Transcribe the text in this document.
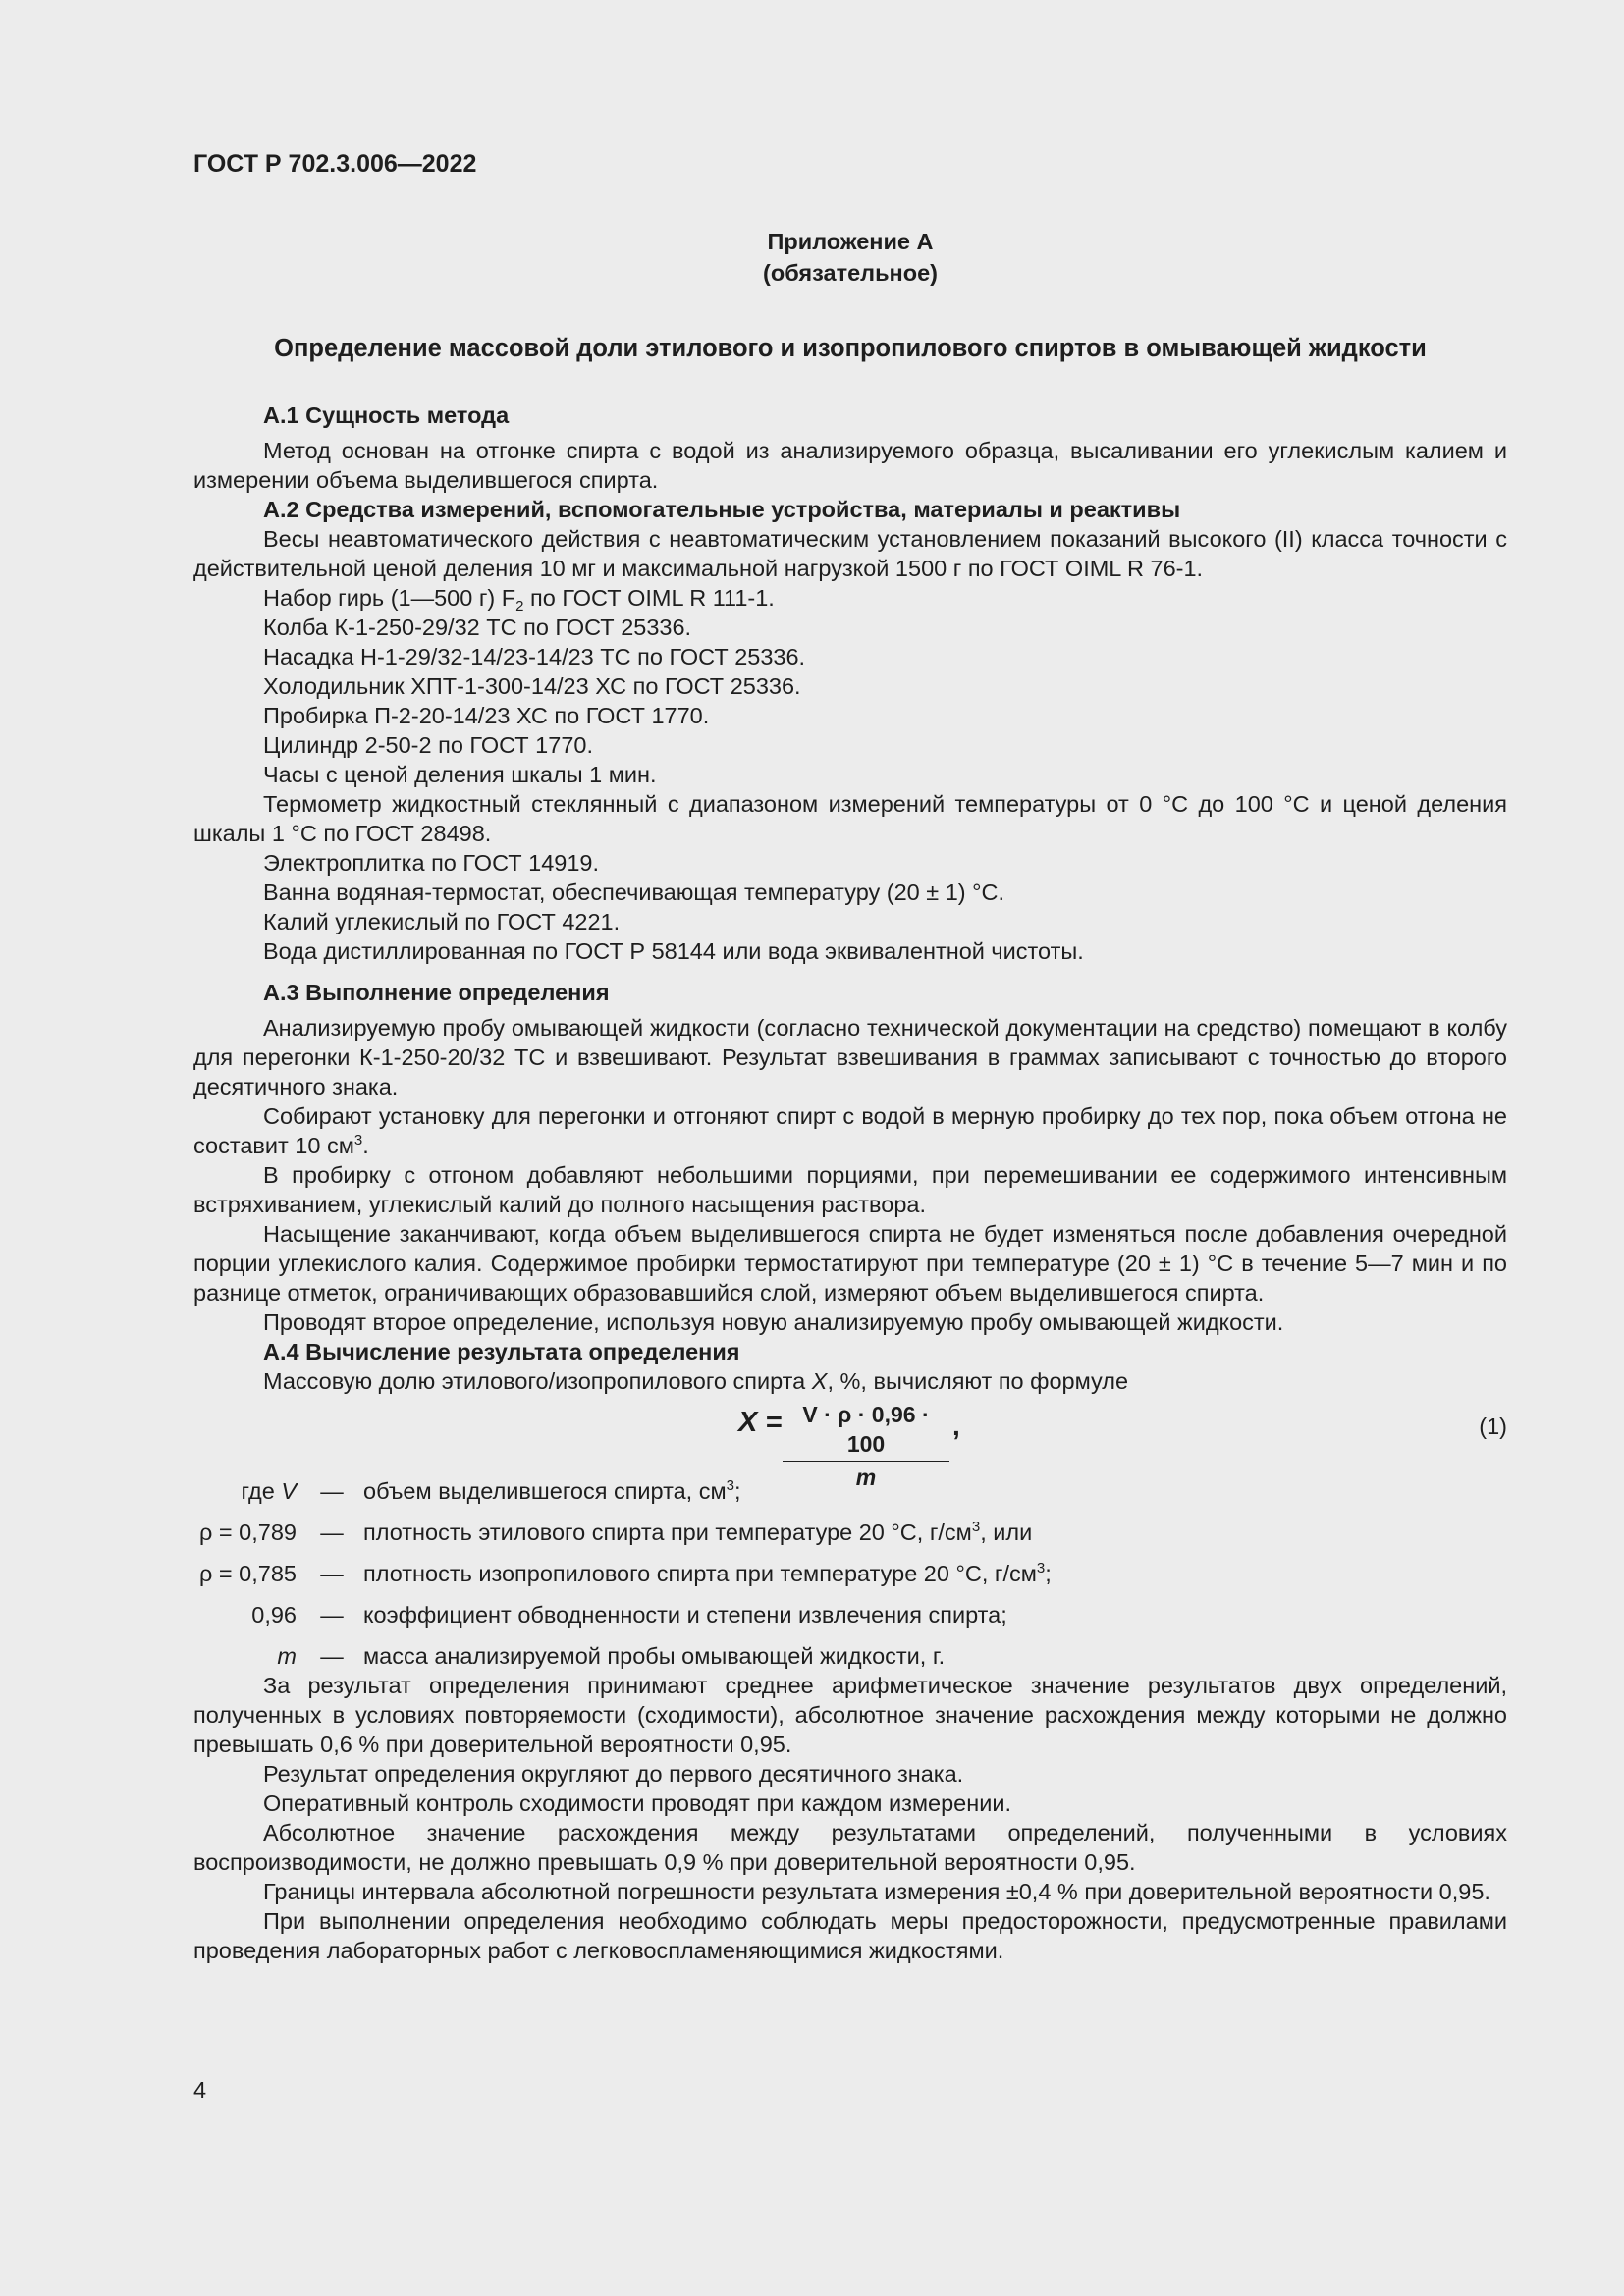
ГОСТ Р 702.3.006—2022
Приложение А
(обязательное)
Определение массовой доли этилового и изопропилового спиртов в омывающей жидкости
А.1 Сущность метода

Метод основан на отгонке спирта с водой из анализируемого образца, высаливании его углекислым калием и измерении объема выделившегося спирта.

А.2 Средства измерений, вспомогательные устройства, материалы и реактивы

Весы неавтоматического действия с неавтоматическим установлением показаний высокого (II) класса точности с действительной ценой деления 10 мг и максимальной нагрузкой 1500 г по ГОСТ OIML R 76-1.

Набор гирь (1—500 г) $F_2$ по ГОСТ OIML R 111-1.

Колба К-1-250-29/32 ТС по ГОСТ 25336.

Насадка Н-1-29/32-14/23-14/23 ТС по ГОСТ 25336.

Холодильник ХПТ-1-300-14/23 ХС по ГОСТ 25336.

Пробирка П-2-20-14/23 ХС по ГОСТ 1770.

Цилиндр 2-50-2 по ГОСТ 1770.

Часы с ценой деления шкалы 1 мин.

Термометр жидкостный стеклянный с диапазоном измерений температуры от 0 °С до 100 °С и ценой деления шкалы 1 °С по ГОСТ 28498.

Электроплитка по ГОСТ 14919.

Ванна водяная-термостат, обеспечивающая температуру (20 ± 1) °С.

Калий углекислый по ГОСТ 4221.

Вода дистиллированная по ГОСТ Р 58144 или вода эквивалентной чистоты.

А.3 Выполнение определения

Анализируемую пробу омывающей жидкости (согласно технической документации на средство) помещают в колбу для перегонки К-1-250-20/32 ТС и взвешивают. Результат взвешивания в граммах записывают с точностью до второго десятичного знака.

Собирают установку для перегонки и отгоняют спирт с водой в мерную пробирку до тех пор, пока объем отгона не составит 10 $см^3$.

В пробирку с отгоном добавляют небольшими порциями, при перемешивании ее содержимого интенсивным встряхиванием, углекислый калий до полного насыщения раствора.

Насыщение заканчивают, когда объем выделившегося спирта не будет изменяться после добавления очередной порции углекислого калия. Содержимое пробирки термостатируют при температуре (20 ± 1) °С в течение 5—7 мин и по разнице отметок, ограничивающих образовавшийся слой, измеряют объем выделившегося спирта.

Проводят второе определение, используя новую анализируемую пробу омывающей жидкости.

А.4 Вычисление результата определения

Массовую долю этилового/изопропилового спирта X, %, вычисляют по формуле

$X = \frac{V \cdot \rho \cdot 0,96 \cdot 100}{m}$ ,	(1)
где V	—	объем выделившегося спирта, $см^3$;
ρ = 0,789	—	плотность этилового спирта при температуре 20 °С, $г/см^3$, или
ρ = 0,785	—	плотность изопропилового спирта при температуре 20 °С, $г/см^3$;
0,96	—	коэффициент обводненности и степени извлечения спирта;
m	—	масса анализируемой пробы омывающей жидкости, г.

За результат определения принимают среднее арифметическое значение результатов двух определений, полученных в условиях повторяемости (сходимости), абсолютное значение расхождения между которыми не должно превышать 0,6 % при доверительной вероятности 0,95.

Результат определения округляют до первого десятичного знака.

Оперативный контроль сходимости проводят при каждом измерении.

Абсолютное значение расхождения между результатами определений, полученными в условиях воспроизводимости, не должно превышать 0,9 % при доверительной вероятности 0,95.

Границы интервала абсолютной погрешности результата измерения ±0,4 % при доверительной вероятности 0,95.

При выполнении определения необходимо соблюдать меры предосторожности, предусмотренные правилами проведения лабораторных работ с легковоспламеняющимися жидкостями.

4
